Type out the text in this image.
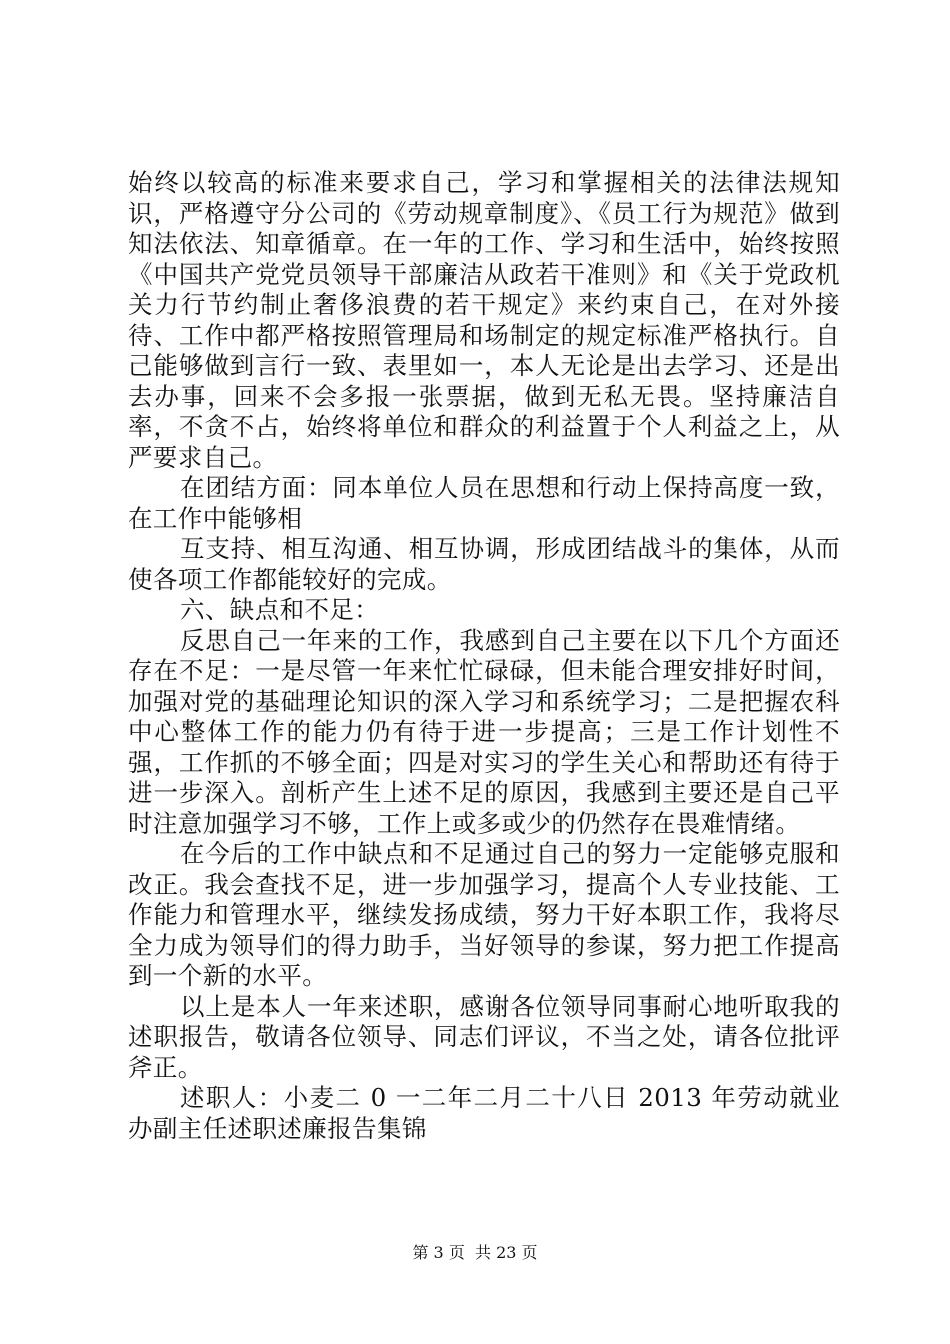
始终以较高的标准来要求自己，学习和掌握相关的法律法规知识，严格遵守分公司的《劳动规章制度》、《员工行为规范》做到知法依法、知章循章。在一年的工作、学习和生活中，始终按照《中国共产党党员领导干部廉洁从政若干准则》和《关于党政机关力行节约制止奢侈浪费的若干规定》来约束自己，在对外接待、工作中都严格按照管理局和场制定的规定标准严格执行。自己能够做到言行一致、表里如一，本人无论是出去学习、还是出去办事，回来不会多报一张票据，做到无私无畏。坚持廉洁自率，不贪不占，始终将单位和群众的利益置于个人利益之上，从严要求自己。

在团结方面：同本单位人员在思想和行动上保持高度一致，在工作中能够相

互支持、相互沟通、相互协调，形成团结战斗的集体，从而使各项工作都能较好的完成。

六、缺点和不足：

反思自己一年来的工作，我感到自己主要在以下几个方面还存在不足：一是尽管一年来忙忙碌碌，但未能合理安排好时间，加强对党的基础理论知识的深入学习和系统学习；二是把握农科中心整体工作的能力仍有待于进一步提高；三是工作计划性不强，工作抓的不够全面；四是对实习的学生关心和帮助还有待于进一步深入。剖析产生上述不足的原因，我感到主要还是自己平时注意加强学习不够，工作上或多或少的仍然存在畏难情绪。

在今后的工作中缺点和不足通过自己的努力一定能够克服和改正。我会查找不足，进一步加强学习，提高个人专业技能、工作能力和管理水平，继续发扬成绩，努力干好本职工作，我将尽全力成为领导们的得力助手，当好领导的参谋，努力把工作提高到一个新的水平。

以上是本人一年来述职，感谢各位领导同事耐心地听取我的述职报告，敬请各位领导、同志们评议，不当之处，请各位批评斧正。

述职人：小麦二 0 一二年二月二十八日 2013 年劳动就业办副主任述职述廉报告集锦

第 3 页  共 23 页
